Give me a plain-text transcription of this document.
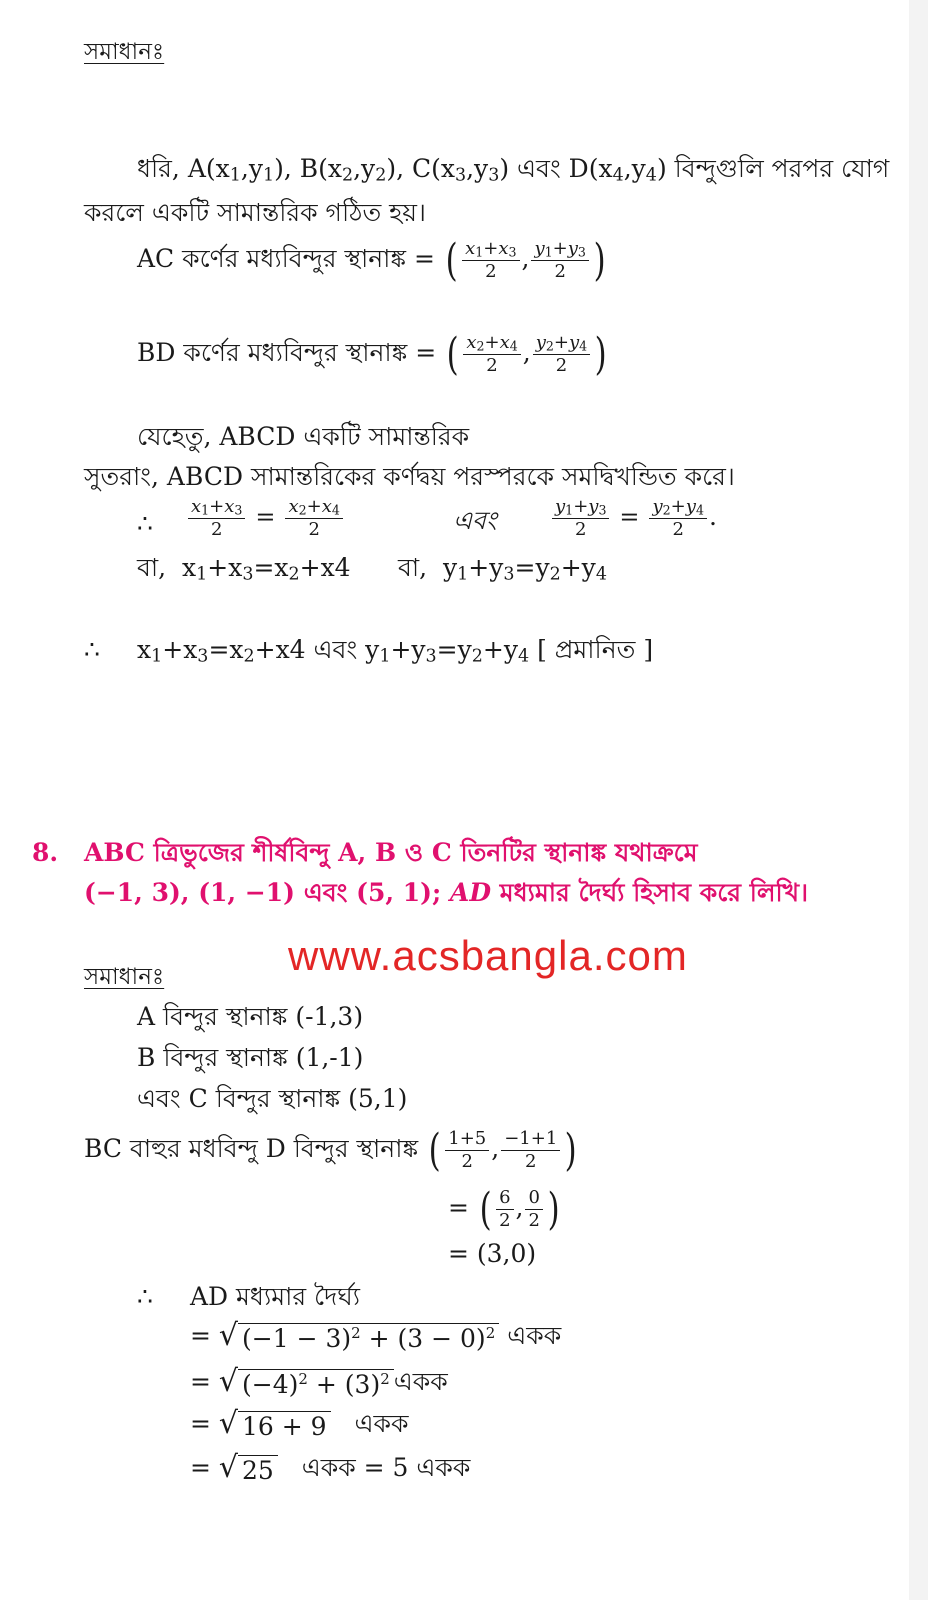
সমাধানঃ
ধরি, $A(x_1,y_1)$, $B(x_2,y_2)$, $C(x_3,y_3)$ এবং $D(x_4,y_4)$ বিন্দুগুলি পরপর যোগ
করলে একটি সামান্তরিক গঠিত হয়।
AC কর্ণের মধ্যবিন্দুর স্থানাঙ্ক = ( $\frac{x_1+x_3}{2}$ , $\frac{y_1+y_3}{2}$ )
BD কর্ণের মধ্যবিন্দুর স্থানাঙ্ক = ( $\frac{x_2+x_4}{2}$ , $\frac{y_2+y_4}{2}$ )
যেহেতু, ABCD একটি সামান্তরিক
সুতরাং, ABCD সামান্তরিকের কর্ণদ্বয় পরস্পরকে সমদ্বিখন্ডিত করে।
∴ $\frac{x_1+x_3}{2} = \frac{x_2+x_4}{2}$	এবং	$\frac{y_1+y_3}{2} = \frac{y_2+y_4}{2}$ .
বা,  $x_1+x_3=x_2+x4$ বা,  $y_1+y_3=y_2+y_4$
∴ $x_1+x_3=x_2+x4$ এবং $y_1+y_3=y_2+y_4$ [ প্রমানিত ]
8. ABC ত্রিভুজের শীর্ষবিন্দু A, B ও C তিনটির স্থানাঙ্ক যথাক্রমে
(−1, 3), (1, −1) এবং (5, 1); AD মধ্যমার দৈর্ঘ্য হিসাব করে লিখি।
www.acsbangla.com
সমাধানঃ
A বিন্দুর স্থানাঙ্ক (-1,3)
B বিন্দুর স্থানাঙ্ক (1,-1)
এবং C বিন্দুর স্থানাঙ্ক (5,1)
BC বাহুর মধবিন্দু D বিন্দুর স্থানাঙ্ক ( $\frac{1+5}{2}$ , $\frac{-1+1}{2}$ )
= ( $\frac{6}{2}$ , $\frac{0}{2}$ )
= (3,0)
∴ AD মধ্যমার দৈর্ঘ্য
= √ $(-1 - 3)^2 + (3 - 0)^2$ একক
= √ $(-4)^2 + (3)^2$ একক
= √ 16 + 9 একক
= √ 25 একক = 5 একক
